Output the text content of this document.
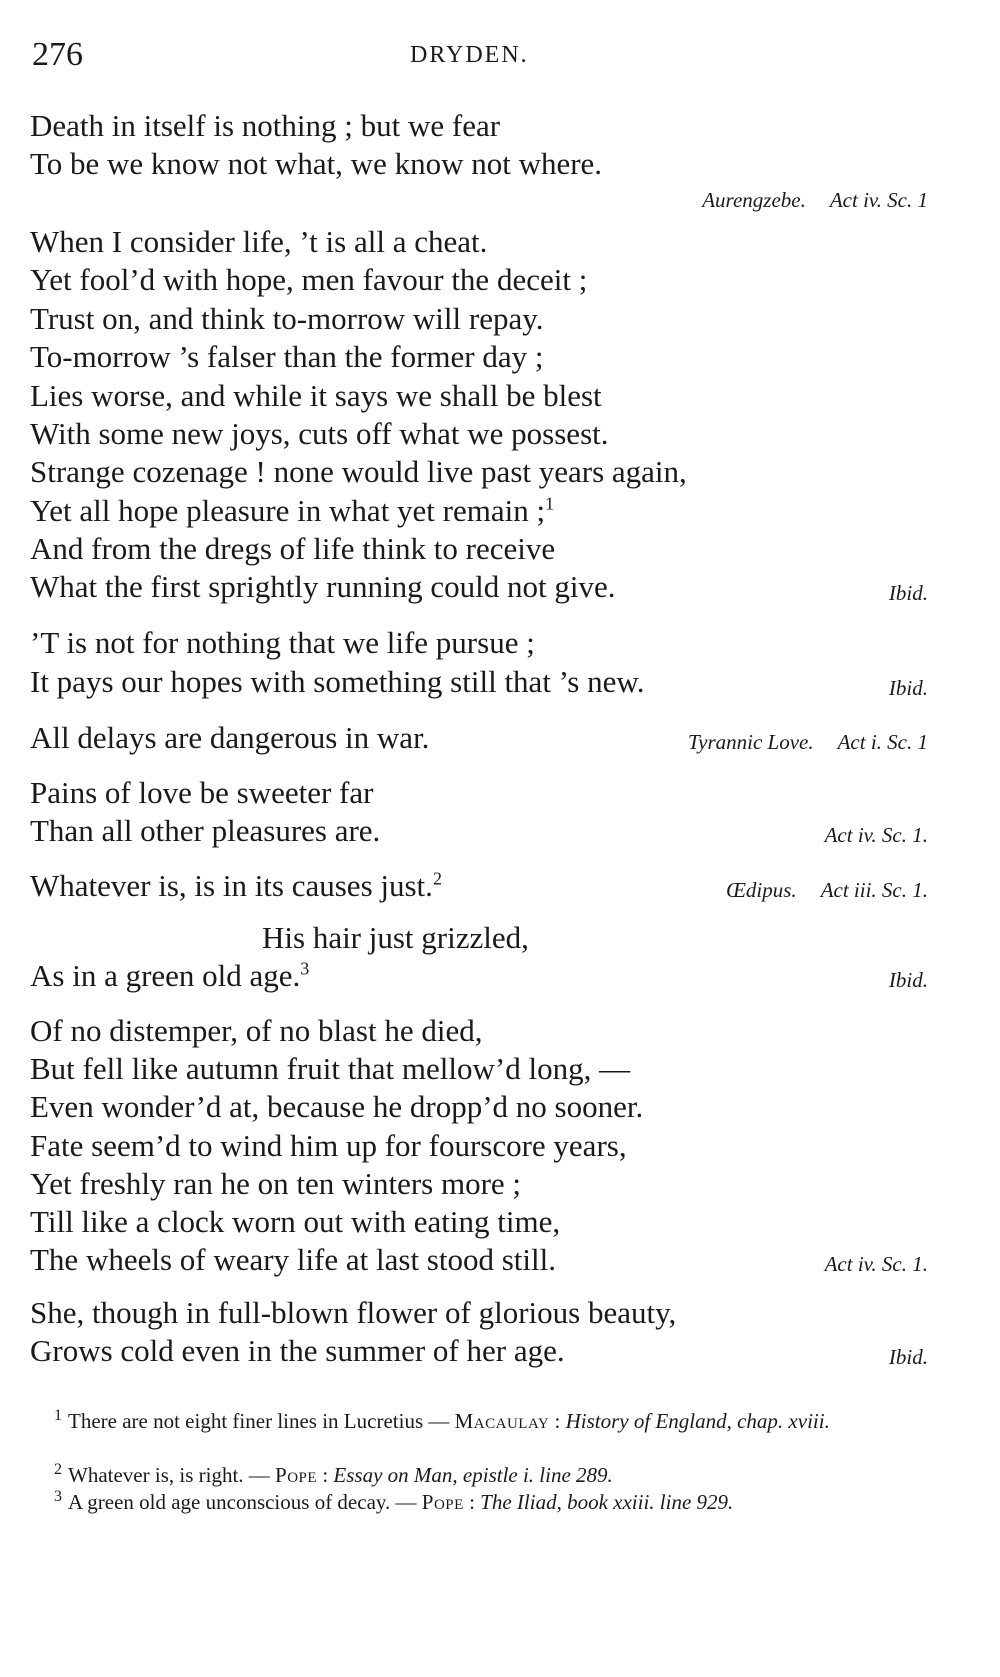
276	DRYDEN.
Death in itself is nothing ; but we fear
To be we know not what, we know not where.
Aurengzebe. Act iv. Sc. 1
When I consider life, ’t is all a cheat.
Yet fool’d with hope, men favour the deceit ;
Trust on, and think to-morrow will repay.
To-morrow ’s falser than the former day ;
Lies worse, and while it says we shall be blest
With some new joys, cuts off what we possest.
Strange cozenage ! none would live past years again,
Yet all hope pleasure in what yet remain ;$^1$
And from the dregs of life think to receive
What the first sprightly running could not give.	Ibid.
’T is not for nothing that we life pursue ;
It pays our hopes with something still that ’s new.	Ibid.
All delays are dangerous in war.	Tyrannic Love. Act i. Sc. 1
Pains of love be sweeter far
Than all other pleasures are.	Act iv. Sc. 1.
Whatever is, is in its causes just.$^2$	Œdipus. Act iii. Sc. 1.
His hair just grizzled,
As in a green old age.$^3$	Ibid.
Of no distemper, of no blast he died,
But fell like autumn fruit that mellow’d long, —
Even wonder’d at, because he dropp’d no sooner.
Fate seem’d to wind him up for fourscore years,
Yet freshly ran he on ten winters more ;
Till like a clock worn out with eating time,
The wheels of weary life at last stood still.	Act iv. Sc. 1.
She, though in full-blown flower of glorious beauty,
Grows cold even in the summer of her age.	Ibid.
1 There are not eight finer lines in Lucretius — Macaulay : History of England, chap. xviii.
2 Whatever is, is right. — Pope : Essay on Man, epistle i. line 289.
3 A green old age unconscious of decay. — Pope : The Iliad, book xxiii. line 929.
